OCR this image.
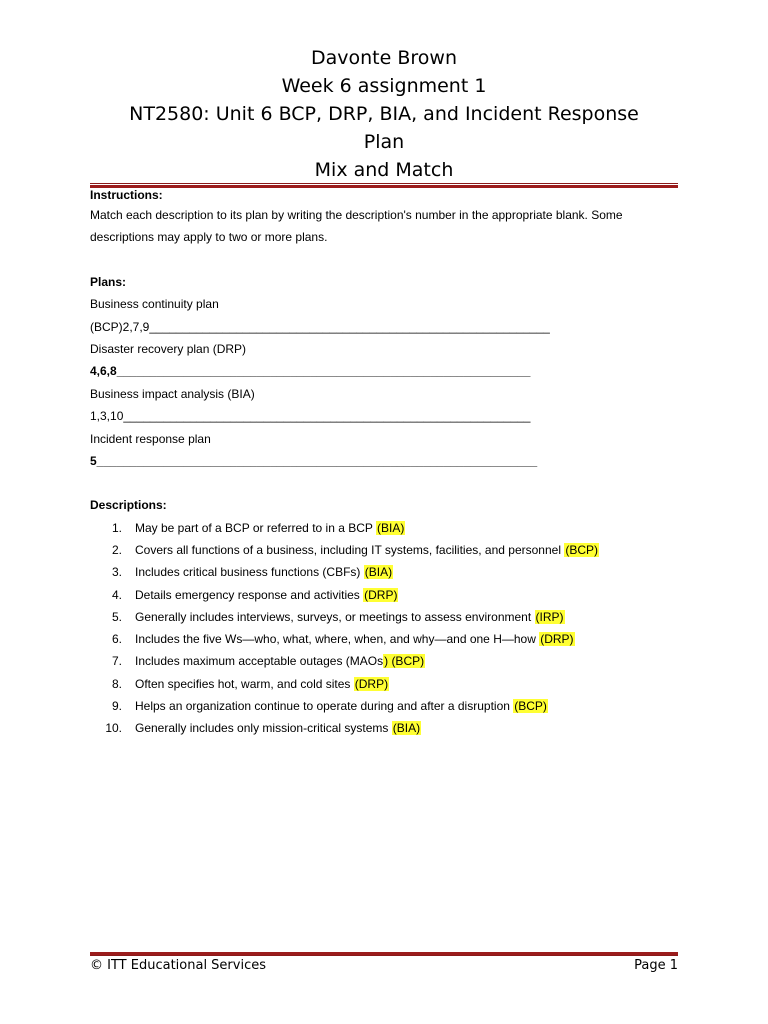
Davonte Brown
Week 6 assignment 1
NT2580: Unit 6 BCP, DRP, BIA, and Incident Response
Plan
Mix and Match
Instructions:
Match each description to its plan by writing the description's number in the appropriate blank. Some
descriptions may apply to two or more plans.
Plans:
Business continuity plan
(BCP)2,7,9____________________________________________________________
Disaster recovery plan (DRP)
4,6,8______________________________________________________________
Business impact analysis (BIA)
1,3,10_____________________________________________________________
Incident response plan
5__________________________________________________________________
Descriptions:
1. May be part of a BCP or referred to in a BCP (BIA)
2. Covers all functions of a business, including IT systems, facilities, and personnel (BCP)
3. Includes critical business functions (CBFs) (BIA)
4. Details emergency response and activities (DRP)
5. Generally includes interviews, surveys, or meetings to assess environment (IRP)
6. Includes the five Ws—who, what, where, when, and why—and one H—how (DRP)
7. Includes maximum acceptable outages (MAOs) (BCP)
8. Often specifies hot, warm, and cold sites (DRP)
9. Helps an organization continue to operate during and after a disruption (BCP)
10. Generally includes only mission-critical systems (BIA)
© ITT Educational Services	Page 1
